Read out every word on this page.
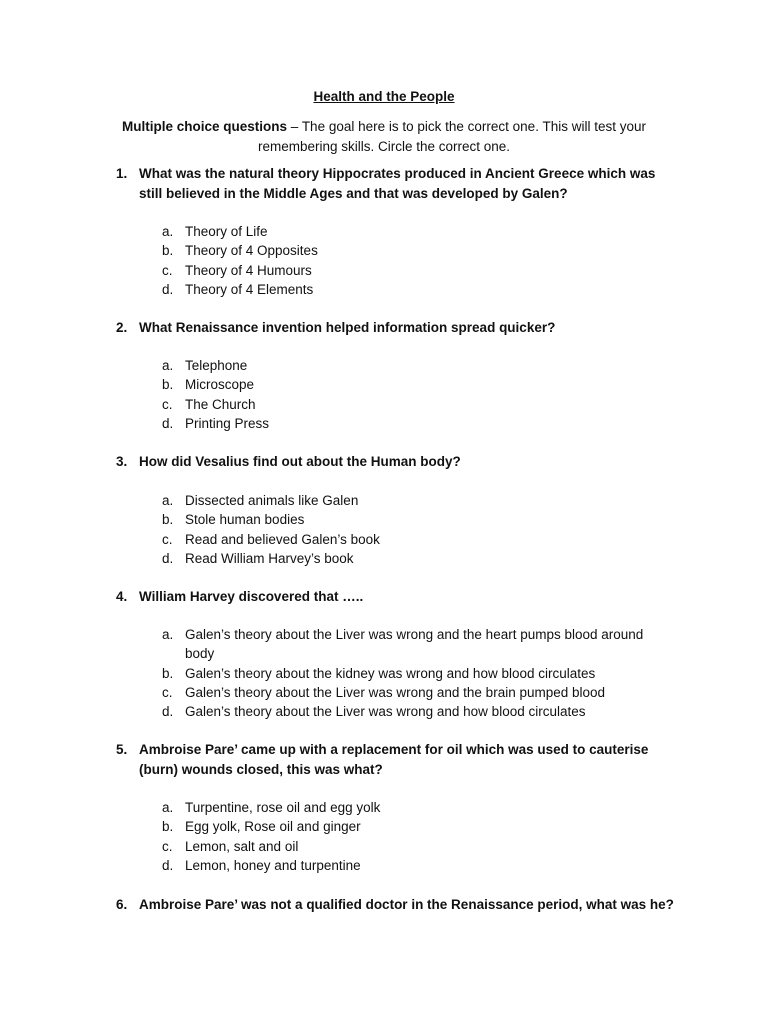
Health and the People
Multiple choice questions – The goal here is to pick the correct one. This will test your remembering skills. Circle the correct one.
1. What was the natural theory Hippocrates produced in Ancient Greece which was still believed in the Middle Ages and that was developed by Galen?
a. Theory of Life
b. Theory of 4 Opposites
c. Theory of 4 Humours
d. Theory of 4 Elements
2. What Renaissance invention helped information spread quicker?
a. Telephone
b. Microscope
c. The Church
d. Printing Press
3. How did Vesalius find out about the Human body?
a. Dissected animals like Galen
b. Stole human bodies
c. Read and believed Galen’s book
d. Read William Harvey’s book
4. William Harvey discovered that …..
a. Galen’s theory about the Liver was wrong and the heart pumps blood around body
b. Galen’s theory about the kidney was wrong and how blood circulates
c. Galen’s theory about the Liver was wrong and the brain pumped blood
d. Galen’s theory about the Liver was wrong and how blood circulates
5. Ambroise Pare’ came up with a replacement for oil which was used to cauterise (burn) wounds closed, this was what?
a. Turpentine, rose oil and egg yolk
b. Egg yolk, Rose oil and ginger
c. Lemon, salt and oil
d. Lemon, honey and turpentine
6. Ambroise Pare’ was not a qualified doctor in the Renaissance period, what was he?
